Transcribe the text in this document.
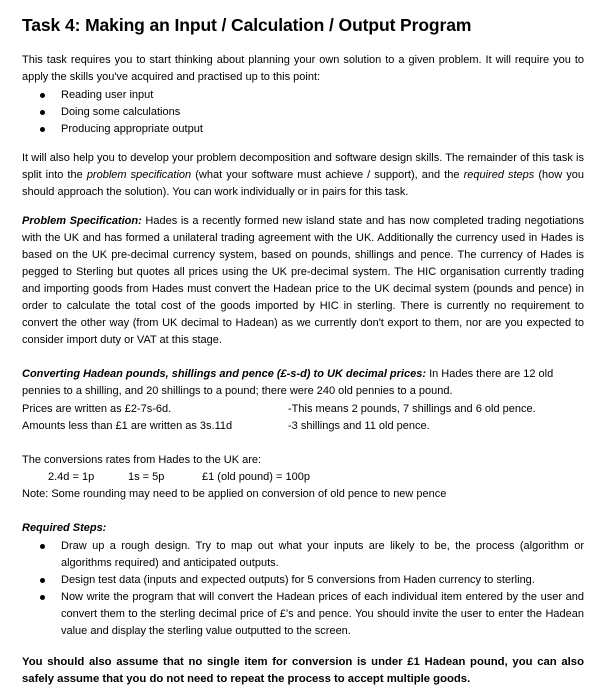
Task 4: Making an Input / Calculation / Output Program

This task requires you to start thinking about planning your own solution to a given problem. It will require you to apply the skills you've acquired and practised up to this point:

Reading user input
Doing some calculations
Producing appropriate output

It will also help you to develop your problem decomposition and software design skills. The remainder of this task is split into the problem specification (what your software must achieve / support), and the required steps (how you should approach the solution). You can work individually or in pairs for this task.

Problem Specification: Hades is a recently formed new island state and has now completed trading negotiations with the UK and has formed a unilateral trading agreement with the UK. Additionally the currency used in Hades is based on the UK pre-decimal currency system, based on pounds, shillings and pence. The currency of Hades is pegged to Sterling but quotes all prices using the UK pre-decimal system. The HIC organisation currently trading and importing goods from Hades must convert the Hadean price to the UK decimal system (pounds and pence) in order to calculate the total cost of the goods imported by HIC in sterling. There is currently no requirement to convert the other way (from UK decimal to Hadean) as we currently don't export to them, nor are you expected to consider import duty or VAT at this stage.

Converting Hadean pounds, shillings and pence (£-s-d) to UK decimal prices: In Hades there are 12 old pennies to a shilling, and 20 shillings to a pound; there were 240 old pennies to a pound.

Prices are written as £2-7s-6d.	-This means 2 pounds, 7 shillings and 6 old pence.
Amounts less than £1 are written as 3s.11d	-3 shillings and 11 old pence.

The conversions rates from Hades to the UK are:

2.4d = 1p	1s = 5p	£1 (old pound) = 100p

Note: Some rounding may need to be applied on conversion of old pence to new pence

Required Steps:

Draw up a rough design. Try to map out what your inputs are likely to be, the process (algorithm or algorithms required) and anticipated outputs.
Design test data (inputs and expected outputs) for 5 conversions from Haden currency to sterling.
Now write the program that will convert the Hadean prices of each individual item entered by the user and convert them to the sterling decimal price of £'s and pence. You should invite the user to enter the Hadean value and display the sterling value outputted to the screen.

You should also assume that no single item for conversion is under £1 Hadean pound, you can also safely assume that you do not need to repeat the process to accept multiple goods.
